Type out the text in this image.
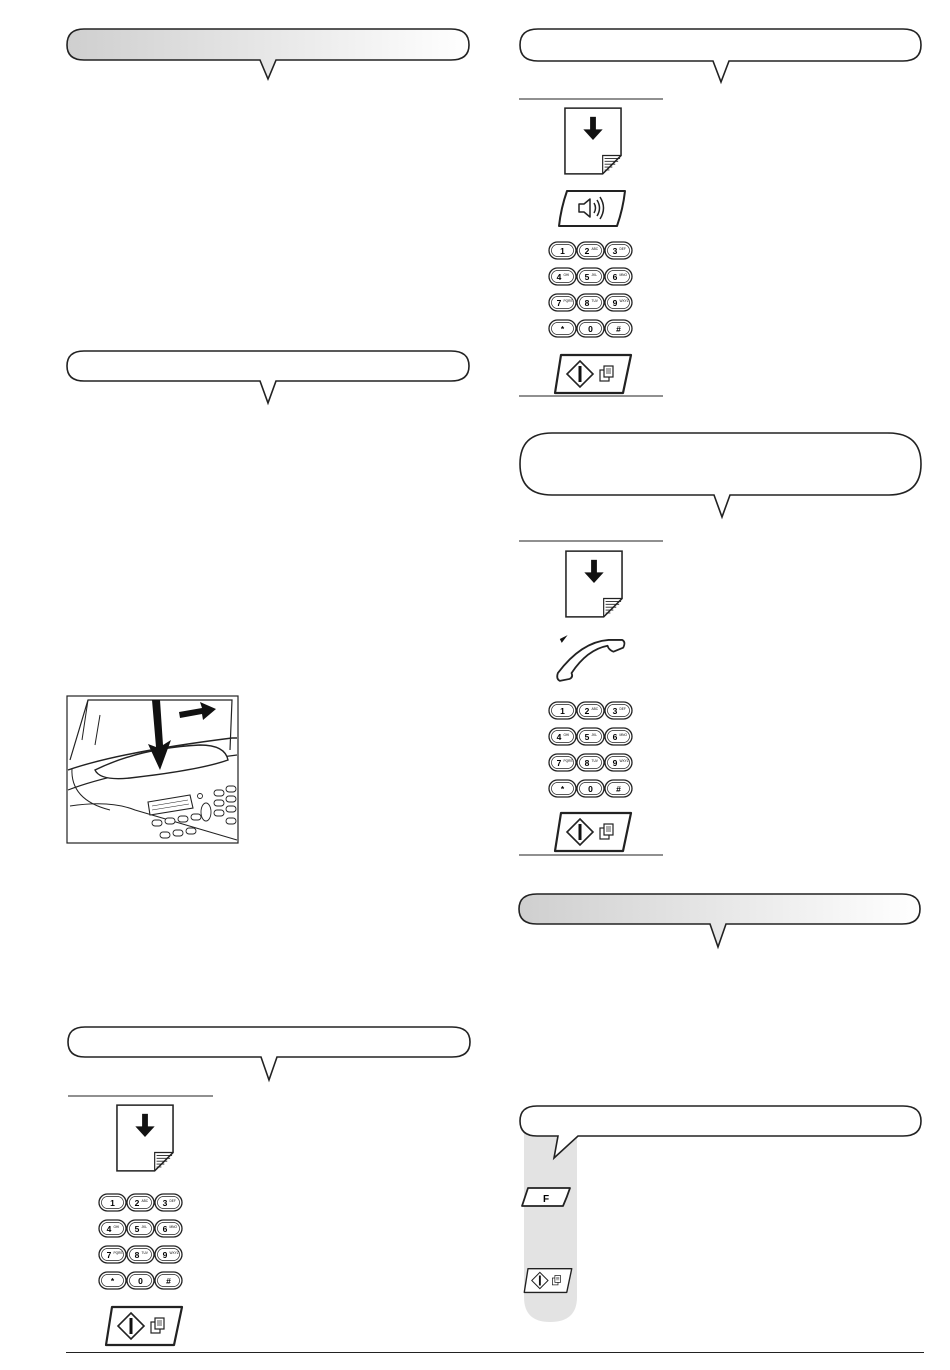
1 2 ABC 3 DEF
4 GHI 5 JKL 6 MNO
7 PQRS 8 TUV 9 WXYZ
*	0	#
1 2 ABC 3 DEF
4 GHI 5 JKL 6 MNO
7 PQRS 8 TUV 9 WXYZ
*	0	#
1 2 ABC 3 DEF
4 GHI 5 JKL 6 MNO
7 PQRS 8 TUV 9 WXYZ
*	0	#
F
